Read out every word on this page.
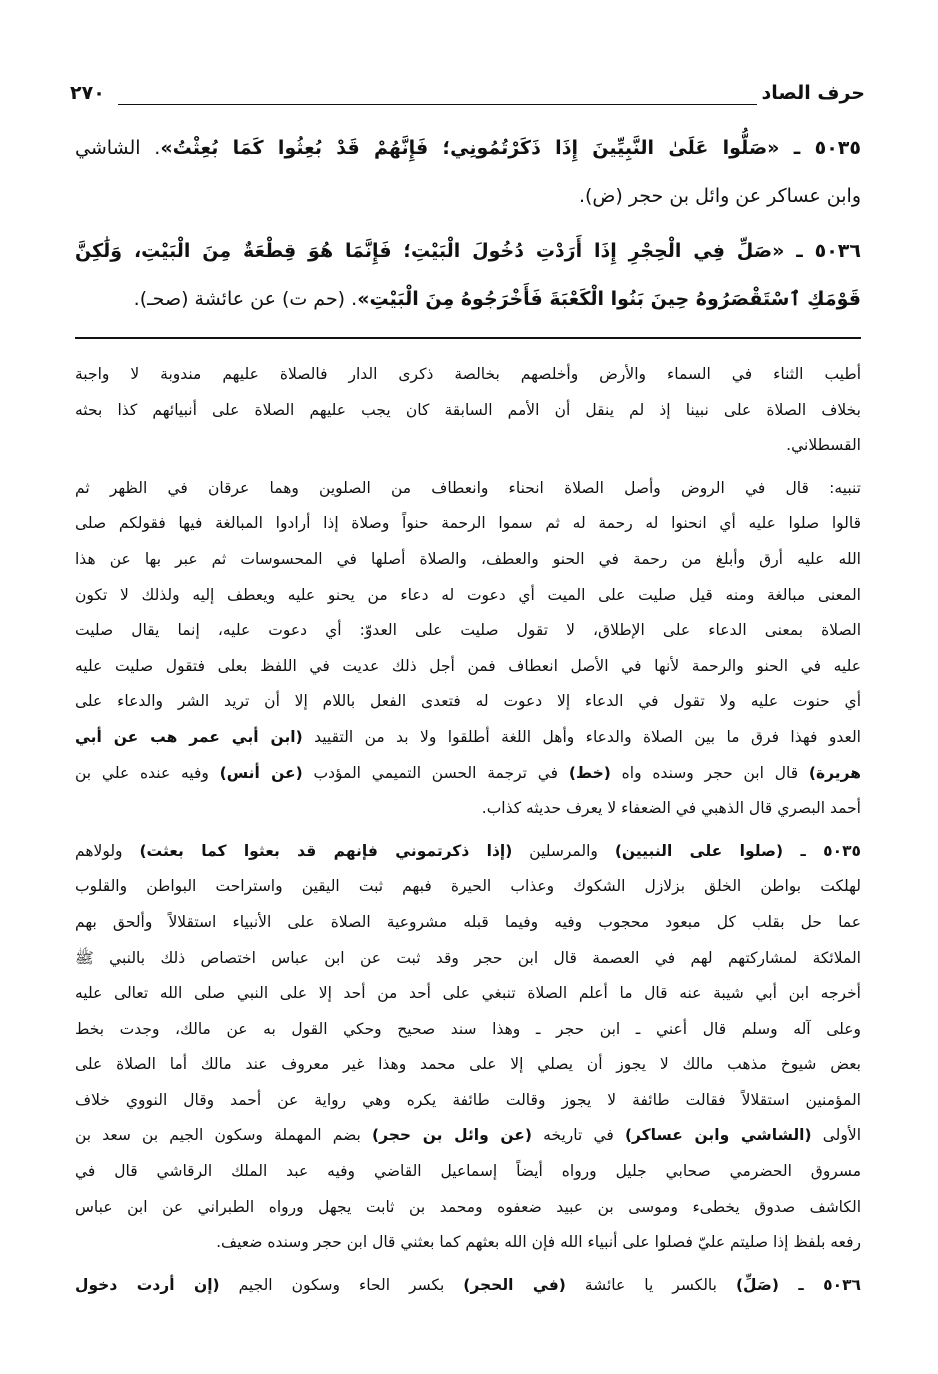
حرف الصاد
٢٧٠
٥٠٣٥ ـ «صَلُّوا عَلَىٰ النَّبِيِّينَ إِذَا ذَكَرْتُمُونِي؛ فَإِنَّهُمْ قَدْ بُعِثُوا كَمَا بُعِثْتُ». الشاشي
وابن عساكر عن وائل بن حجر (ض).
٥٠٣٦ ـ «صَلِّ فِي الْحِجْرِ إِذَا أَرَدْتِ دُخُولَ الْبَيْتِ؛ فَإِنَّمَا هُوَ قِطْعَةٌ مِنَ الْبَيْتِ، وَلَٰكِنَّ
قَوْمَكِ ٱسْتَقْصَرُوهُ حِينَ بَنُوا الْكَعْبَةَ فَأَخْرَجُوهُ مِنَ الْبَيْتِ». (حم ت) عن عائشة (صحـ).
أطيب الثناء في السماء والأرض وأخلصهم بخالصة ذكرى الدار فالصلاة عليهم مندوبة لا واجبة
بخلاف الصلاة على نبينا إذ لم ينقل أن الأمم السابقة كان يجب عليهم الصلاة على أنبيائهم كذا بحثه
القسطلاني.
تنبيه: قال في الروض وأصل الصلاة انحناء وانعطاف من الصلوين وهما عرقان في الظهر ثم
قالوا صلوا عليه أي انحنوا له رحمة له ثم سموا الرحمة حنواً وصلاة إذا أرادوا المبالغة فيها فقولكم صلى
الله عليه أرق وأبلغ من رحمة في الحنو والعطف، والصلاة أصلها في المحسوسات ثم عبر بها عن هذا
المعنى مبالغة ومنه قيل صليت على الميت أي دعوت له دعاء من يحنو عليه ويعطف إليه ولذلك لا تكون
الصلاة بمعنى الدعاء على الإطلاق، لا تقول صليت على العدوّ: أي دعوت عليه، إنما يقال صليت
عليه في الحنو والرحمة لأنها في الأصل انعطاف فمن أجل ذلك عديت في اللفظ بعلى فتقول صليت عليه
أي حنوت عليه ولا تقول في الدعاء إلا دعوت له فتعدى الفعل باللام إلا أن تريد الشر والدعاء على
العدو فهذا فرق ما بين الصلاة والدعاء وأهل اللغة أطلقوا ولا بد من التقييد (ابن أبي عمر هب عن أبي
هريرة) قال ابن حجر وسنده واه (خط) في ترجمة الحسن التميمي المؤدب (عن أنس) وفيه عنده علي بن
أحمد البصري قال الذهبي في الضعفاء لا يعرف حديثه كذاب.
٥٠٣٥ ـ (صلوا على النبيين) والمرسلين (إذا ذكرتموني فإنهم قد بعثوا كما بعثت) ولولاهم
لهلكت بواطن الخلق بزلازل الشكوك وعذاب الحيرة فبهم ثبت اليقين واستراحت البواطن والقلوب
عما حل بقلب كل مبعود محجوب وفيه وفيما قبله مشروعية الصلاة على الأنبياء استقلالاً وألحق بهم
الملائكة لمشاركتهم لهم في العصمة قال ابن حجر وقد ثبت عن ابن عباس اختصاص ذلك بالنبي ﷺ
أخرجه ابن أبي شيبة عنه قال ما أعلم الصلاة تنبغي على أحد من أحد إلا على النبي صلى الله تعالى عليه
وعلى آله وسلم قال أعني ـ ابن حجر ـ وهذا سند صحيح وحكي القول به عن مالك، وجدت بخط
بعض شيوخ مذهب مالك لا يجوز أن يصلي إلا على محمد وهذا غير معروف عند مالك أما الصلاة على
المؤمنين استقلالاً فقالت طائفة لا يجوز وقالت طائفة يكره وهي رواية عن أحمد وقال النووي خلاف
الأولى (الشاشي وابن عساكر) في تاريخه (عن وائل بن حجر) بضم المهملة وسكون الجيم بن سعد بن
مسروق الحضرمي صحابي جليل ورواه أيضاً إسماعيل القاضي وفيه عبد الملك الرقاشي قال في
الكاشف صدوق يخطىء وموسى بن عبيد ضعفوه ومحمد بن ثابت يجهل ورواه الطبراني عن ابن عباس
رفعه بلفظ إذا صليتم عليّ فصلوا على أنبياء الله فإن الله بعثهم كما بعثني قال ابن حجر وسنده ضعيف.
٥٠٣٦ ـ (صَلِّ) بالكسر يا عائشة (في الحجر) بكسر الحاء وسكون الجيم (إن أردت دخول
